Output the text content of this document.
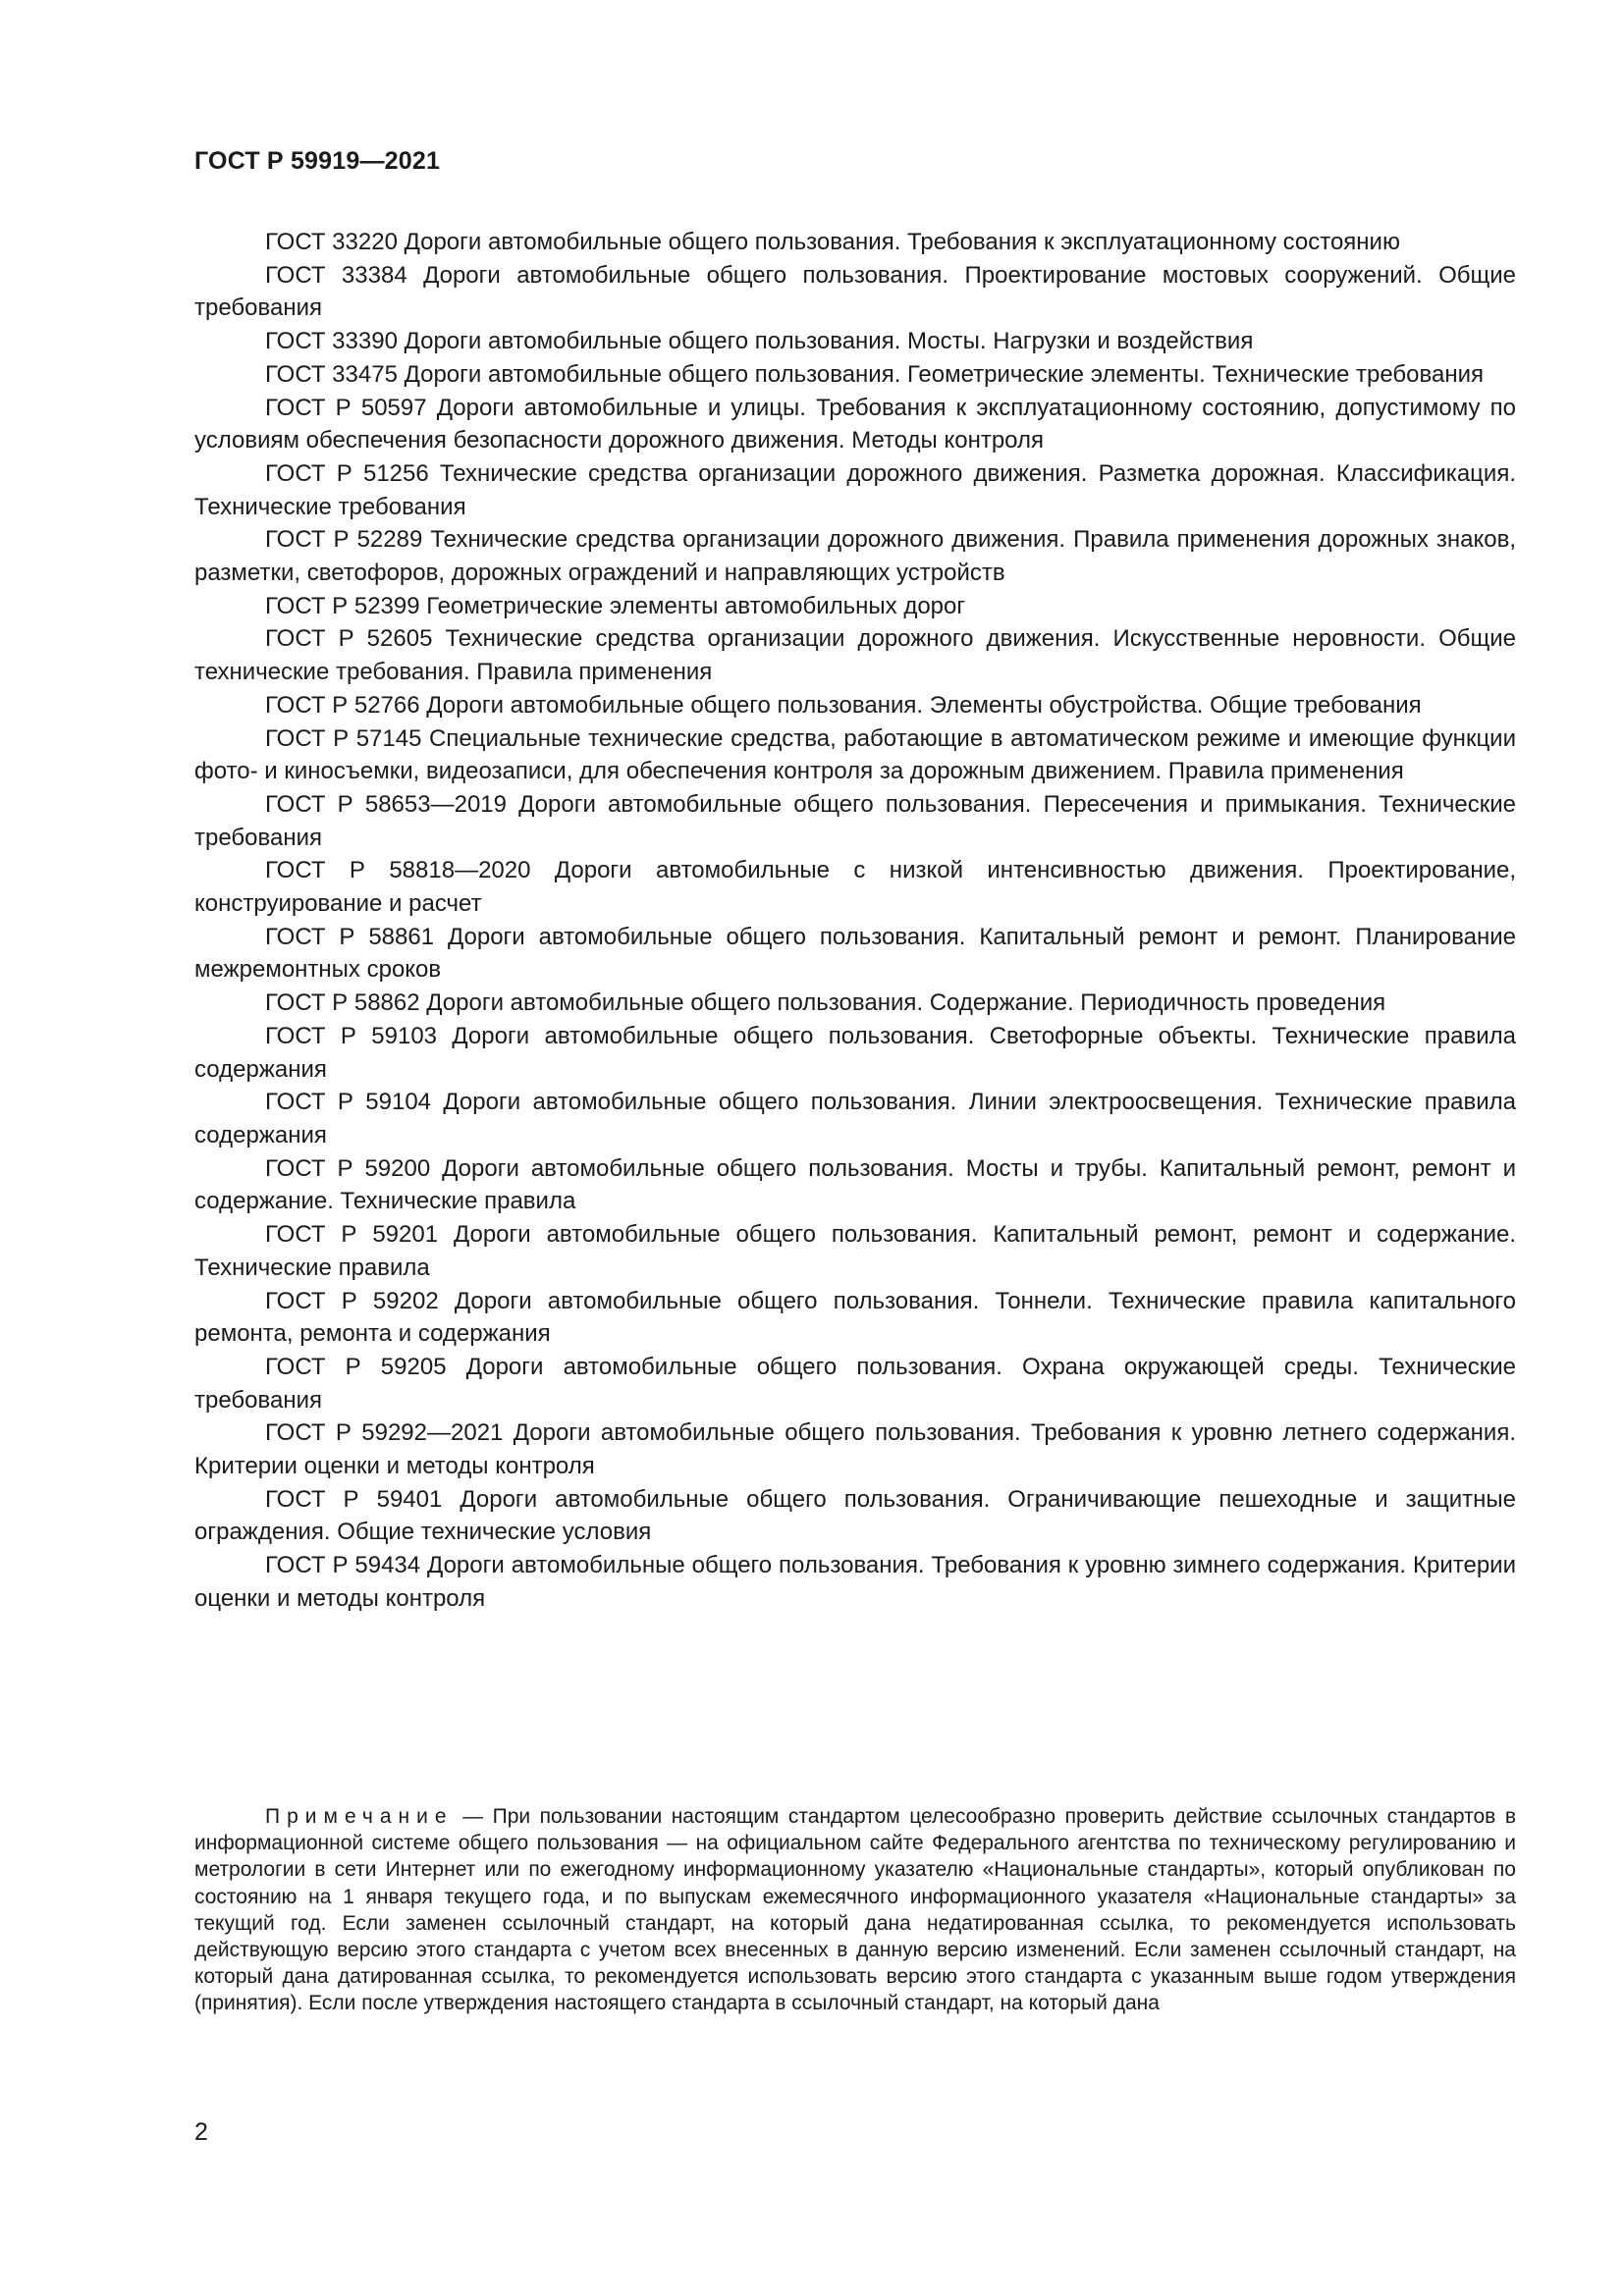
ГОСТ Р 59919—2021

ГОСТ 33220 Дороги автомобильные общего пользования. Требования к эксплуатационному состоянию

ГОСТ 33384 Дороги автомобильные общего пользования. Проектирование мостовых сооружений. Общие требования

ГОСТ 33390 Дороги автомобильные общего пользования. Мосты. Нагрузки и воздействия

ГОСТ 33475 Дороги автомобильные общего пользования. Геометрические элементы. Технические требования

ГОСТ Р 50597 Дороги автомобильные и улицы. Требования к эксплуатационному состоянию, допустимому по условиям обеспечения безопасности дорожного движения. Методы контроля

ГОСТ Р 51256 Технические средства организации дорожного движения. Разметка дорожная. Классификация. Технические требования

ГОСТ Р 52289 Технические средства организации дорожного движения. Правила применения дорожных знаков, разметки, светофоров, дорожных ограждений и направляющих устройств

ГОСТ Р 52399 Геометрические элементы автомобильных дорог

ГОСТ Р 52605 Технические средства организации дорожного движения. Искусственные неровности. Общие технические требования. Правила применения

ГОСТ Р 52766 Дороги автомобильные общего пользования. Элементы обустройства. Общие требования

ГОСТ Р 57145 Специальные технические средства, работающие в автоматическом режиме и имеющие функции фото- и киносъемки, видеозаписи, для обеспечения контроля за дорожным движением. Правила применения

ГОСТ Р 58653—2019 Дороги автомобильные общего пользования. Пересечения и примыкания. Технические требования

ГОСТ Р 58818—2020 Дороги автомобильные с низкой интенсивностью движения. Проектирование, конструирование и расчет

ГОСТ Р 58861 Дороги автомобильные общего пользования. Капитальный ремонт и ремонт. Планирование межремонтных сроков

ГОСТ Р 58862 Дороги автомобильные общего пользования. Содержание. Периодичность проведения

ГОСТ Р 59103 Дороги автомобильные общего пользования. Светофорные объекты. Технические правила содержания

ГОСТ Р 59104 Дороги автомобильные общего пользования. Линии электроосвещения. Технические правила содержания

ГОСТ Р 59200 Дороги автомобильные общего пользования. Мосты и трубы. Капитальный ремонт, ремонт и содержание. Технические правила

ГОСТ Р 59201 Дороги автомобильные общего пользования. Капитальный ремонт, ремонт и содержание. Технические правила

ГОСТ Р 59202 Дороги автомобильные общего пользования. Тоннели. Технические правила капитального ремонта, ремонта и содержания

ГОСТ Р 59205 Дороги автомобильные общего пользования. Охрана окружающей среды. Технические требования

ГОСТ Р 59292—2021 Дороги автомобильные общего пользования. Требования к уровню летнего содержания. Критерии оценки и методы контроля

ГОСТ Р 59401 Дороги автомобильные общего пользования. Ограничивающие пешеходные и защитные ограждения. Общие технические условия

ГОСТ Р 59434 Дороги автомобильные общего пользования. Требования к уровню зимнего содержания. Критерии оценки и методы контроля

Примечание — При пользовании настоящим стандартом целесообразно проверить действие ссылочных стандартов в информационной системе общего пользования — на официальном сайте Федерального агентства по техническому регулированию и метрологии в сети Интернет или по ежегодному информационному указателю «Национальные стандарты», который опубликован по состоянию на 1 января текущего года, и по выпускам ежемесячного информационного указателя «Национальные стандарты» за текущий год. Если заменен ссылочный стандарт, на который дана недатированная ссылка, то рекомендуется использовать действующую версию этого стандарта с учетом всех внесенных в данную версию изменений. Если заменен ссылочный стандарт, на который дана датированная ссылка, то рекомендуется использовать версию этого стандарта с указанным выше годом утверждения (принятия). Если после утверждения настоящего стандарта в ссылочный стандарт, на который дана

2
